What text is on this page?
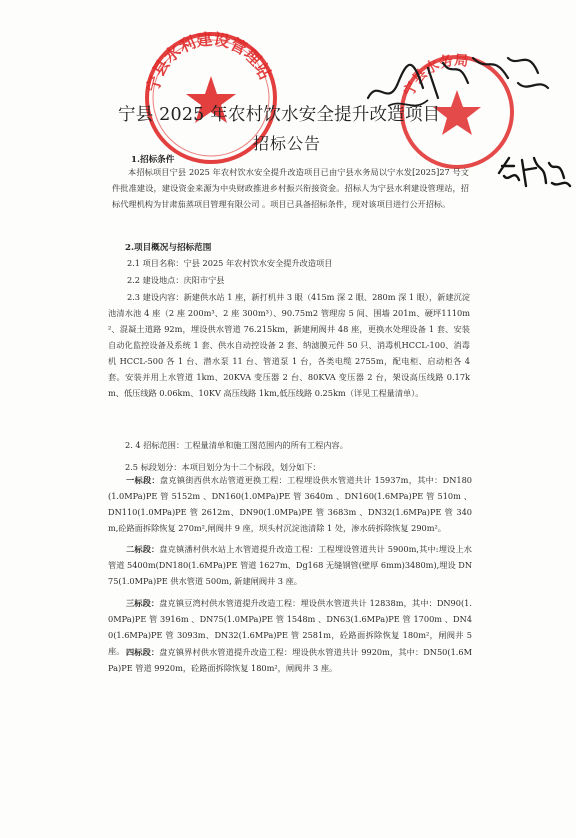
宁县水利建设管理站
宁县水务局
宁县 2025 年农村饮水安全提升改造项目
招标公告
1.招标条件
本招标项目宁县 2025 年农村饮水安全提升改造项目已由宁县水务局以宁水发[2025]27 号文件批准建设，建设资金来源为中央财政推进乡村振兴衔接资金。招标人为宁县水利建设管理站，招标代理机构为甘肃茄蒸项目管理有限公司 。项目已具备招标条件，现对该项目进行公开招标。
2.项目概况与招标范围
2.1 项目名称：宁县 2025 年农村饮水安全提升改造项目
2.2 建设地点：庆阳市宁县
2.3 建设内容：新建供水站 1 座，新打机井 3 眼（415m 深 2 眼、280m 深 1 眼），新建沉淀池清水池 4 座（2 座 200m³、2 座 300m³）、90.75m2 管理房 5 间、围墙 201m、硬坪1110m²、混凝土道路 92m，埋设供水管道 76.215km，新建闸阀井 48 座，更换水处理设备 1 套、安装自动化监控设备及系统 1 套、供水自动控设备 2 套、纳滤膜元件 50 只、消毒机HCCL-100、消毒机 HCCL-500 各 1 台、潜水泵 11 台、管道泵 1 台，各类电缆 2755m，配电柜、启动柜各 4 套。安装并用上水管道 1km、20KVA 变压器 2 台、80KVA 变压器 2 台，架设高压线路 0.17km、低压线路 0.06km、10KV 高压线路 1km,低压线路 0.25km（详见工程量清单）。
2. 4 招标范围：工程量清单和施工图范围内的所有工程内容。
2.5 标段划分：本项目划分为十二个标段，划分如下：
一标段：盘克镇街西供水站管道更换工程：工程埋设供水管道共计 15937m，其中：DN180(1.0MPa)PE 管 5152m 、DN160(1.0MPa)PE 管 3640m 、DN160(1.6MPa)PE 管 510m 、DN110(1.0MPa)PE 管 2612m、DN90(1.0MPa)PE 管 3683m 、DN32(1.6MPa)PE 管 340m,砼路面拆除恢复 270m²,闸阀井 9 座，坝头村沉淀池清除 1 处，渗水砖拆除恢复 290m²。
二标段：盘克镇潘村供水站上水管道提升改造工程：工程埋设管道共计 5900m,其中:埋设上水管道 5400m(DN180(1.6MPa)PE 管道 1627m、Dg168 无缝钢管(壁厚 6mm)3480m),埋设 DN75(1.0MPa)PE 供水管道 500m, 新建闸阀井 3 座。
三标段：盘克镇豆湾村供水管道提升改造工程：埋设供水管道共计 12838m，其中：DN90(1.0MPa)PE 管 3916m 、DN75(1.0MPa)PE 管 1548m 、DN63(1.6MPa)PE 管 1700m 、DN40(1.6MPa)PE 管 3093m、DN32(1.6MPa)PE 管 2581m，砼路面拆除恢复 180m²，闸阀井 5 座。 四标段：盘克镇界村供水管道提升改造工程：埋设供水管道共计 9920m，其中：DN50(1.6MPa)PE 管道 9920m，砼路面拆除恢复 180m²，闸阀井 3 座。
